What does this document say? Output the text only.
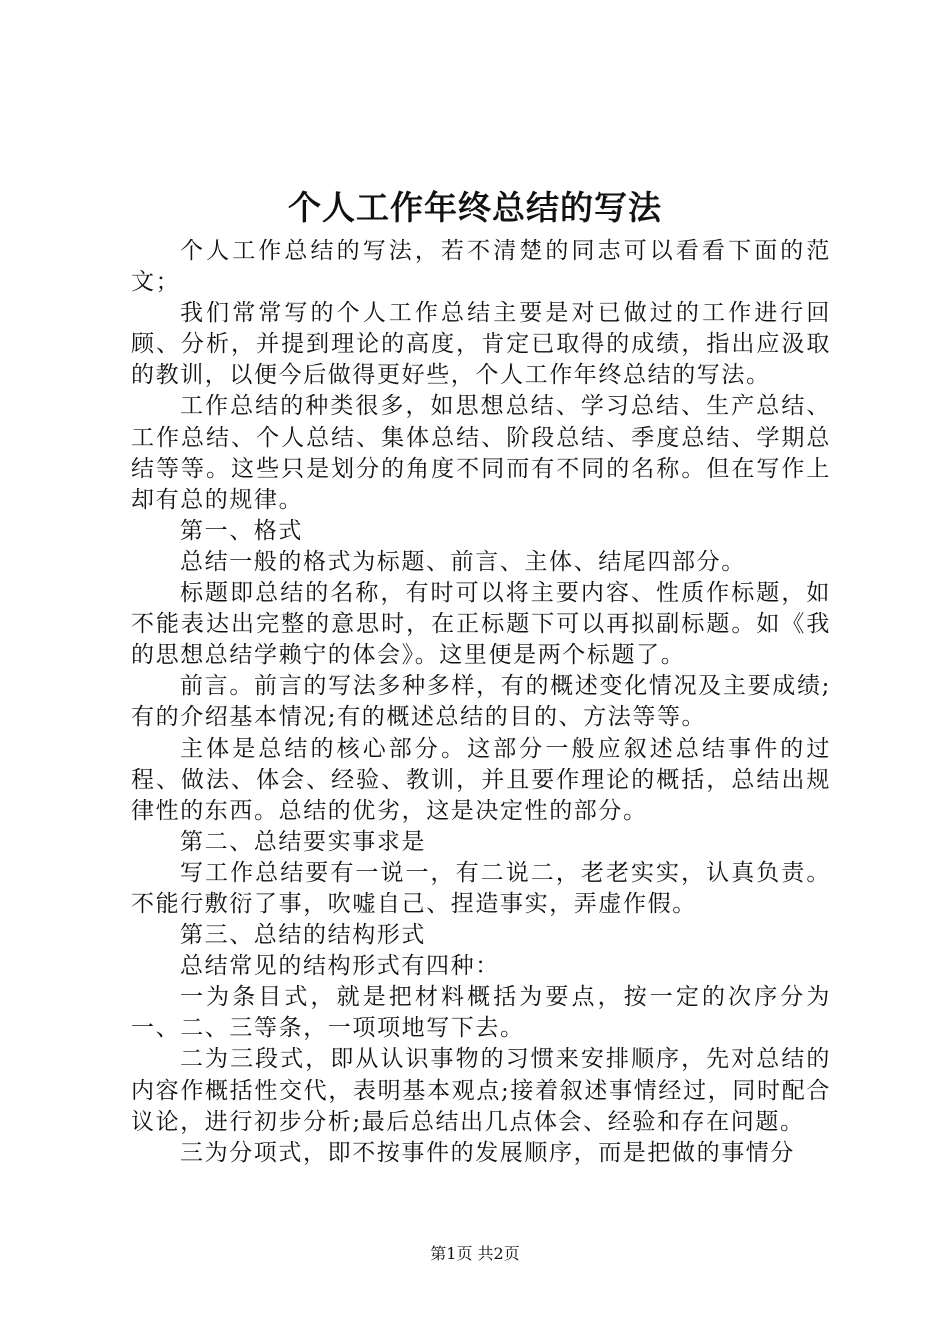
个人工作年终总结的写法

个人工作总结的写法，若不清楚的同志可以看看下面的范文；

我们常常写的个人工作总结主要是对已做过的工作进行回顾、分析，并提到理论的高度，肯定已取得的成绩，指出应汲取的教训，以便今后做得更好些，个人工作年终总结的写法。

工作总结的种类很多，如思想总结、学习总结、生产总结、工作总结、个人总结、集体总结、阶段总结、季度总结、学期总结等等。这些只是划分的角度不同而有不同的名称。但在写作上却有总的规律。

第一、格式

总结一般的格式为标题、前言、主体、结尾四部分。

标题即总结的名称，有时可以将主要内容、性质作标题，如不能表达出完整的意思时，在正标题下可以再拟副标题。如《我的思想总结学赖宁的体会》。这里便是两个标题了。

前言。前言的写法多种多样，有的概述变化情况及主要成绩;有的介绍基本情况;有的概述总结的目的、方法等等。

主体是总结的核心部分。这部分一般应叙述总结事件的过程、做法、体会、经验、教训，并且要作理论的概括，总结出规律性的东西。总结的优劣，这是决定性的部分。

第二、总结要实事求是

写工作总结要有一说一，有二说二，老老实实，认真负责。不能行敷衍了事，吹嘘自己、捏造事实，弄虚作假。

第三、总结的结构形式

总结常见的结构形式有四种：

一为条目式，就是把材料概括为要点，按一定的次序分为一、二、三等条，一项项地写下去。

二为三段式，即从认识事物的习惯来安排顺序，先对总结的内容作概括性交代，表明基本观点;接着叙述事情经过，同时配合议论，进行初步分析;最后总结出几点体会、经验和存在问题。

三为分项式，即不按事件的发展顺序，而是把做的事情分

第1页 共2页
